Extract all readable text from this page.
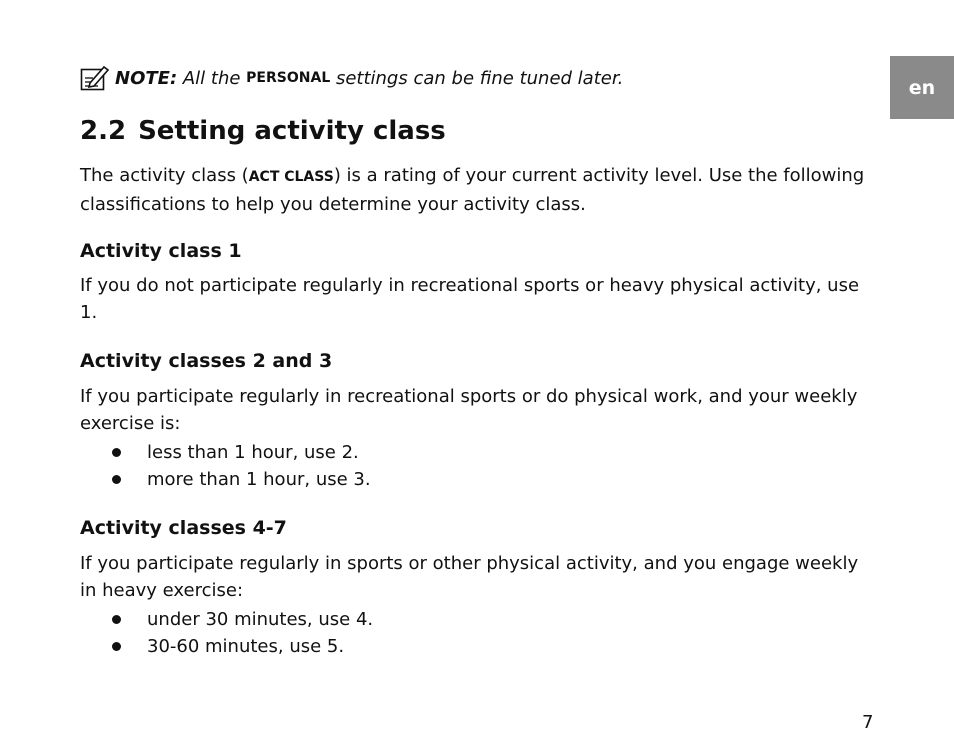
en
NOTE: All the PERSONAL settings can be fine tuned later.
2.2 Setting activity class

The activity class (ACT CLASS) is a rating of your current activity level. Use the following classifications to help you determine your activity class.

Activity class 1

If you do not participate regularly in recreational sports or heavy physical activity, use 1.

Activity classes 2 and 3

If you participate regularly in recreational sports or do physical work, and your weekly exercise is:

less than 1 hour, use 2.
more than 1 hour, use 3.
Activity classes 4-7

If you participate regularly in sports or other physical activity, and you engage weekly in heavy exercise:

under 30 minutes, use 4.
30-60 minutes, use 5.
7
